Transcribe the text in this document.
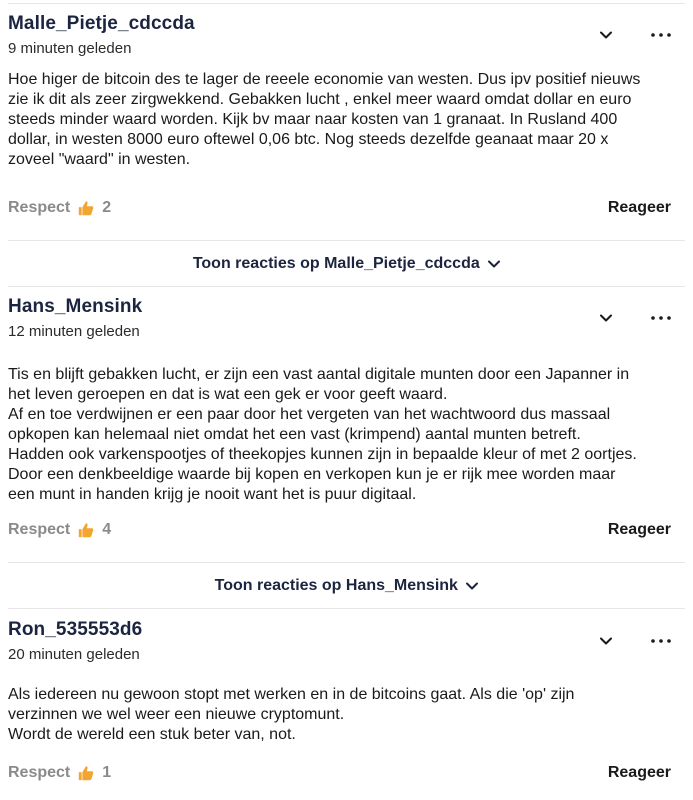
Malle_Pietje_cdccda
9 minuten geleden
Hoe higer de bitcoin des te lager de reeele economie van westen. Dus ipv positief nieuws
zie ik dit als zeer zirgwekkend. Gebakken lucht , enkel meer waard omdat dollar en euro
steeds minder waard worden. Kijk bv maar naar kosten van 1 granaat. In Rusland 400
dollar, in westen 8000 euro oftewel 0,06 btc. Nog steeds dezelfde geanaat maar 20 x
zoveel "waard" in westen.
Respect 2	Reageer
Toon reacties op Malle_Pietje_cdccda
Hans_Mensink
12 minuten geleden
Tis en blijft gebakken lucht, er zijn een vast aantal digitale munten door een Japanner in
het leven geroepen en dat is wat een gek er voor geeft waard.
Af en toe verdwijnen er een paar door het vergeten van het wachtwoord dus massaal
opkopen kan helemaal niet omdat het een vast (krimpend) aantal munten betreft.
Hadden ook varkenspootjes of theekopjes kunnen zijn in bepaalde kleur of met 2 oortjes.
Door een denkbeeldige waarde bij kopen en verkopen kun je er rijk mee worden maar
een munt in handen krijg je nooit want het is puur digitaal.
Respect 4	Reageer
Toon reacties op Hans_Mensink
Ron_535553d6
20 minuten geleden
Als iedereen nu gewoon stopt met werken en in de bitcoins gaat. Als die 'op' zijn
verzinnen we wel weer een nieuwe cryptomunt.
Wordt de wereld een stuk beter van, not.
Respect 1	Reageer
